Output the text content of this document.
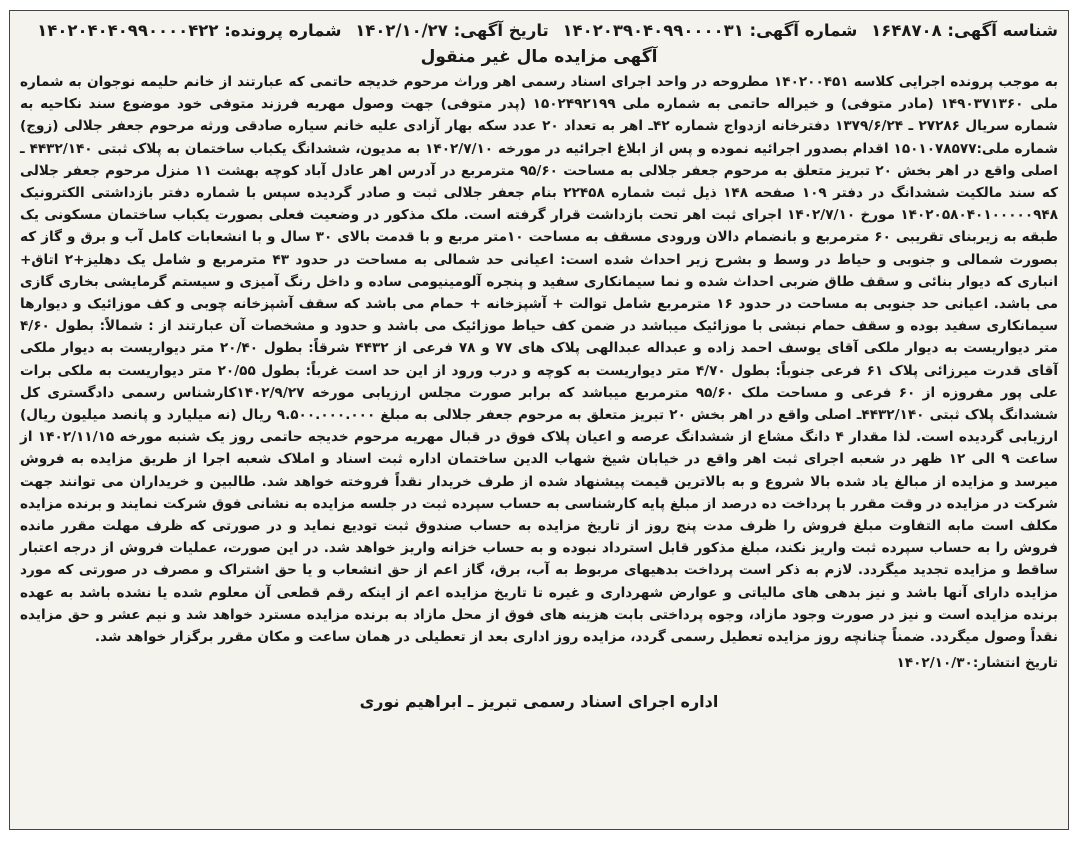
شناسه آگهی: ۱۶۴۸۷۰۸ شماره آگهی: ۱۴۰۲۰۳۹۰۴۰۹۹۰۰۰۰۳۱ تاریخ آگهی: ۱۴۰۲/۱۰/۲۷ شماره پرونده: ۱۴۰۲۰۴۰۴۰۹۹۰۰۰۰۴۲۲
آگهی مزایده مال غیر منقول

به موجب پرونده اجرایی کلاسه ۱۴۰۲۰۰۴۵۱ مطروحه در واحد اجرای اسناد رسمی اهر وراث مرحوم خدیجه حاتمی که عبارتند از خانم حلیمه نوجوان به شماره ملی ۱۴۹۰۳۷۱۳۶۰ (مادر متوفی) و خیراله حاتمی به شماره ملی ۱۵۰۲۴۹۲۱۹۹ (پدر متوفی) جهت وصول مهریه فرزند متوفی خود موضوع سند نکاحیه به شماره سریال ۲۷۲۸۶ ـ ۱۳۷۹/۶/۲۴ دفترخانه ازدواج شماره ۴۲ـ اهر به تعداد ۲۰ عدد سکه بهار آزادی علیه خانم سیاره صادقی ورثه مرحوم جعفر جلالی (زوج) شماره ملی:۱۵۰۱۰۷۸۵۷۷ اقدام بصدور اجرائیه نموده و پس از ابلاغ اجرائیه در مورخه ۱۴۰۲/۷/۱۰ به مدیون، ششدانگ یکباب ساختمان به پلاک ثبتی ۴۴۳۲/۱۴۰ ـ اصلی واقع در اهر بخش ۲۰ تبریز متعلق به مرحوم جعفر جلالی به مساحت ۹۵/۶۰ مترمربع در آدرس اهر عادل آباد کوچه بهشت ۱۱ منزل مرحوم جعفر جلالی که سند مالکیت ششدانگ در دفتر ۱۰۹ صفحه ۱۴۸ ذیل ثبت شماره ۲۲۴۵۸ بنام جعفر جلالی ثبت و صادر گردیده سپس با شماره دفتر بازداشتی الکترونیک ۱۴۰۲۰۵۸۰۴۰۱۰۰۰۰۰۹۴۸ مورخ ۱۴۰۲/۷/۱۰ اجرای ثبت اهر تحت بازداشت قرار گرفته است. ملک مذکور در وضعیت فعلی بصورت یکباب ساختمان مسکونی یک طبقه به زیربنای تقریبی ۶۰ مترمربع و بانضمام دالان ورودی مسقف به مساحت ۱۰متر مربع و با قدمت بالای ۳۰ سال و با انشعابات کامل آب و برق و گاز که بصورت شمالی و جنوبی و حیاط در وسط و بشرح زیر احداث شده است: اعیانی حد شمالی به مساحت در حدود ۴۳ مترمربع و شامل یک دهلیز+۲ اتاق+ انباری که دیوار بنائی و سقف طاق ضربی احداث شده و نما سیمانکاری سفید و پنجره آلومینیومی ساده و داخل رنگ آمیزی و سیستم گرمایشی بخاری گازی می باشد. اعیانی حد جنوبی به مساحت در حدود ۱۶ مترمربع شامل توالت + آشپزخانه + حمام می باشد که سقف آشپزخانه چوبی و کف موزائیک و دیوارها سیمانکاری سفید بوده و سقف حمام نبشی با موزائیک میباشد در ضمن کف حیاط موزائیک می باشد و حدود و مشخصات آن عبارتند از : شمالاً: بطول ۴/۶۰ متر دیواریست به دیوار ملکی آقای یوسف احمد زاده و عبداله عبدالهی پلاک های ۷۷ و ۷۸ فرعی از ۴۴۳۲ شرقاً: بطول ۲۰/۴۰ متر دیواریست به دیوار ملکی آقای قدرت میرزائی پلاک ۶۱ فرعی جنوباً: بطول ۴/۷۰ متر دیواریست به کوچه و درب ورود از این حد است غرباً: بطول ۲۰/۵۵ متر دیواریست به ملکی برات علی پور مفروزه از ۶۰ فرعی و مساحت ملک ۹۵/۶۰ مترمربع میباشد که برابر صورت مجلس ارزیابی مورخه ۱۴۰۲/۹/۲۷کارشناس رسمی دادگستری کل ششدانگ پلاک ثبتی ۴۴۳۲/۱۴۰ـ اصلی واقع در اهر بخش ۲۰ تبریز متعلق به مرحوم جعفر جلالی به مبلغ ۹.۵۰۰.۰۰۰.۰۰۰ ریال (نه میلیارد و پانصد میلیون ریال) ارزیابی گردیده است. لذا مقدار ۴ دانگ مشاع از ششدانگ عرصه و اعیان پلاک فوق در قبال مهریه مرحوم خدیجه حاتمی روز یک شنبه مورخه ۱۴۰۲/۱۱/۱۵ از ساعت ۹ الی ۱۲ ظهر در شعبه اجرای ثبت اهر واقع در خیابان شیخ شهاب الدین ساختمان اداره ثبت اسناد و املاک شعبه اجرا از طریق مزایده به فروش میرسد و مزایده از مبالغ یاد شده بالا شروع و به بالاترین قیمت پیشنهاد شده از طرف خریدار نقداً فروخته خواهد شد. طالبین و خریداران می توانند جهت شرکت در مزایده در وقت مقرر با پرداخت ده درصد از مبلغ پایه کارشناسی به حساب سپرده ثبت در جلسه مزایده به نشانی فوق شرکت نمایند و برنده مزایده مکلف است مابه التفاوت مبلغ فروش را ظرف مدت پنج روز از تاریخ مزایده به حساب صندوق ثبت تودیع نماید و در صورتی که ظرف مهلت مقرر مانده فروش را به حساب سپرده ثبت واریز نکند، مبلغ مذکور قابل استرداد نبوده و به حساب خزانه واریز خواهد شد. در این صورت، عملیات فروش از درجه اعتبار ساقط و مزایده تجدید میگردد. لازم به ذکر است پرداخت بدهیهای مربوط به آب، برق، گاز اعم از حق انشعاب و یا حق اشتراک و مصرف در صورتی که مورد مزایده دارای آنها باشد و نیز بدهی های مالیاتی و عوارض شهرداری و غیره تا تاریخ مزایده اعم از اینکه رقم قطعی آن معلوم شده یا نشده باشد به عهده برنده مزایده است و نیز در صورت وجود مازاد، وجوه پرداختی بابت هزینه های فوق از محل مازاد به برنده مزایده مسترد خواهد شد و نیم عشر و حق مزایده نقداً وصول میگردد. ضمناً چنانچه روز مزایده تعطیل رسمی گردد، مزایده روز اداری بعد از تعطیلی در همان ساعت و مکان مقرر برگزار خواهد شد.

تاریخ انتشار:۱۴۰۲/۱۰/۳۰
اداره اجرای اسناد رسمی تبریز ـ ابراهیم نوری
